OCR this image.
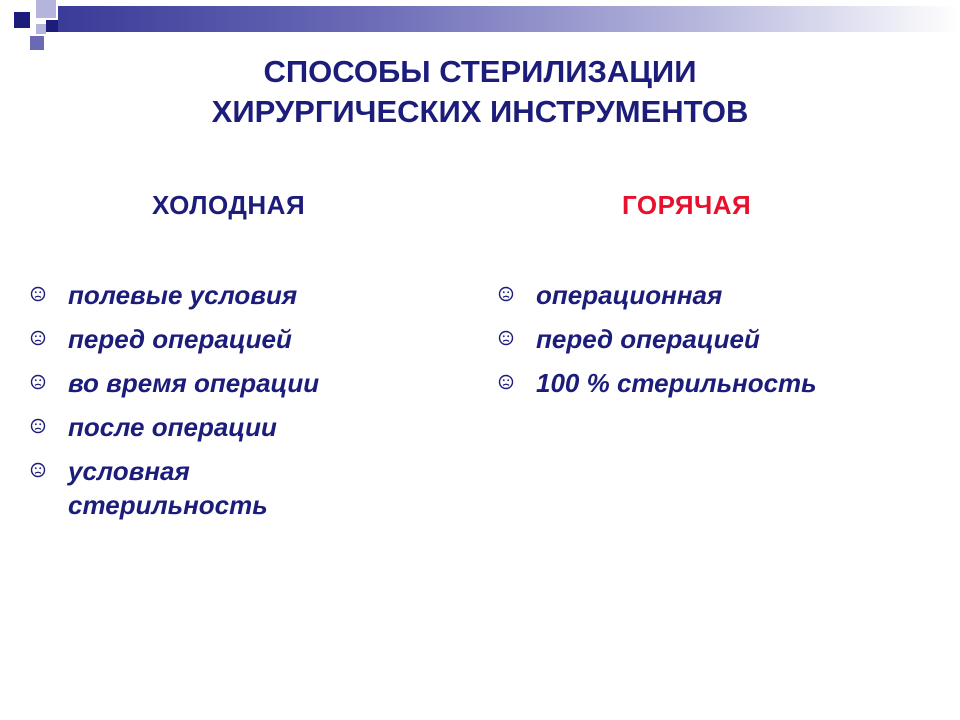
СПОСОБЫ СТЕРИЛИЗАЦИИ
ХИРУРГИЧЕСКИХ ИНСТРУМЕНТОВ
ХОЛОДНАЯ	ГОРЯЧАЯ
полевые условия
перед операцией
во время операции
после операции
условная стерильность
операционная
перед операцией
100 % стерильность
